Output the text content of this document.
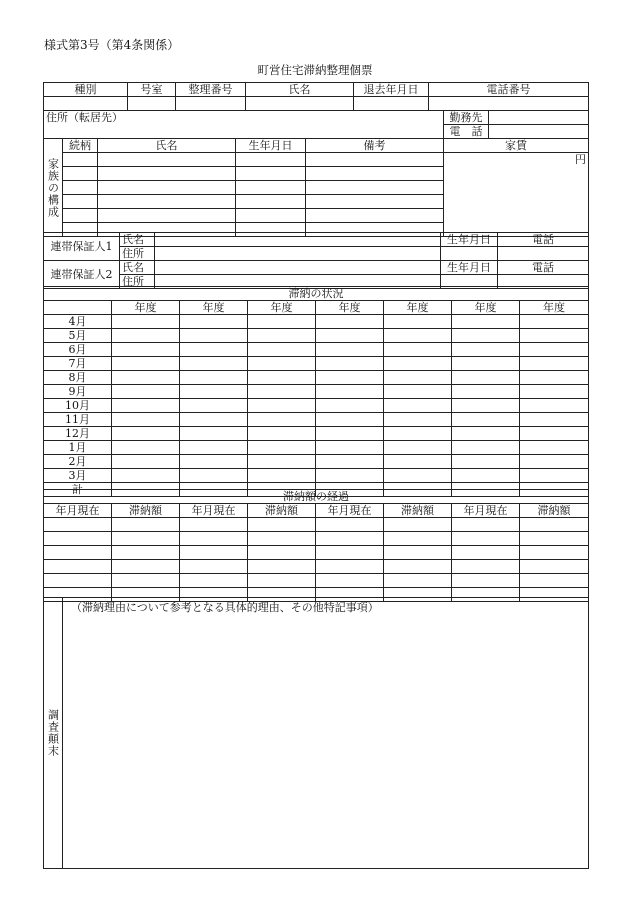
様式第3号（第4条関係）
町営住宅滞納整理個票
種別	号室	整理番号	氏名	退去年月日	電話番号

住所（転居先）	勤務先	
	電　話	
家族の構成	続柄	氏名	生年月日	備考	家賃
					円

連帯保証人1	氏名		生年月日	電話
	住所			
連帯保証人2	氏名		生年月日	電話
	住所			
滞納の状況							
	年度	年度	年度	年度	年度	年度	年度
4月							
5月							
6月							
7月							
8月							
9月							
10月							
11月							
12月							
1月							
2月							
3月							
計							
滞納額の経過							
年月現在	滞納額	年月現在	滞納額	年月現在	滞納額	年月現在	滞納額

調査顛末	（滞納理由について参考となる具体的理由、その他特記事項）
